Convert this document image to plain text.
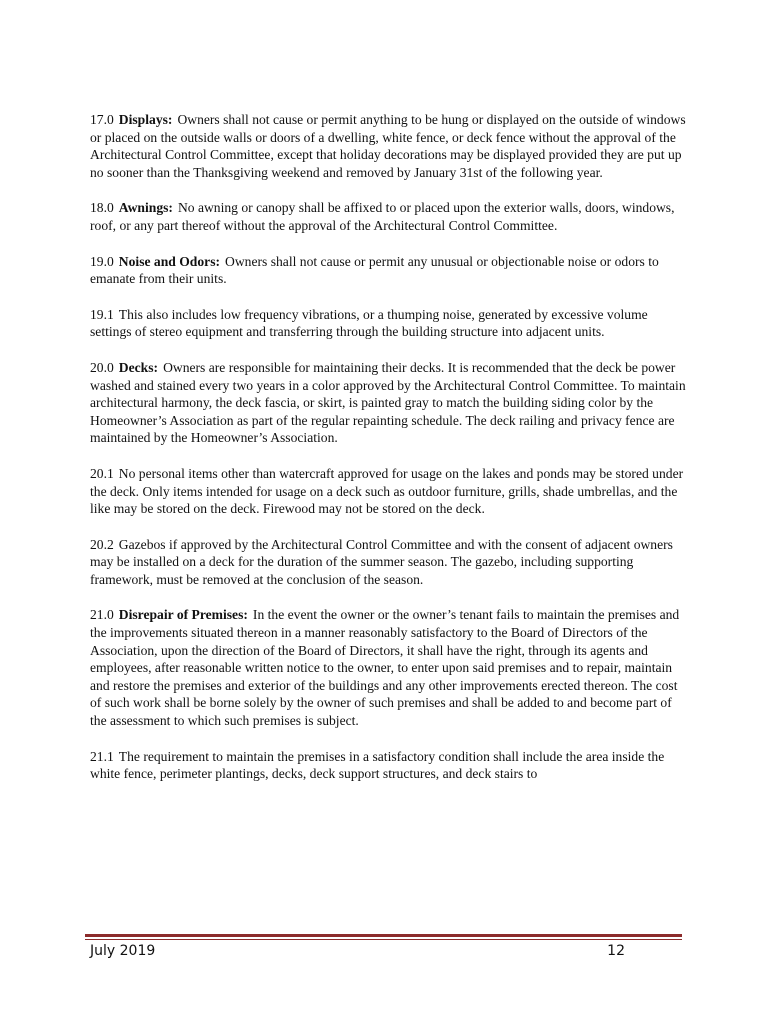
17.0 Displays: Owners shall not cause or permit anything to be hung or displayed on the outside of windows or placed on the outside walls or doors of a dwelling, white fence, or deck fence without the approval of the Architectural Control Committee, except that holiday decorations may be displayed provided they are put up no sooner than the Thanksgiving weekend and removed by January 31st of the following year.

18.0 Awnings: No awning or canopy shall be affixed to or placed upon the exterior walls, doors, windows, roof, or any part thereof without the approval of the Architectural Control Committee.

19.0 Noise and Odors: Owners shall not cause or permit any unusual or objectionable noise or odors to emanate from their units.

19.1 This also includes low frequency vibrations, or a thumping noise, generated by excessive volume settings of stereo equipment and transferring through the building structure into adjacent units.

20.0 Decks: Owners are responsible for maintaining their decks. It is recommended that the deck be power washed and stained every two years in a color approved by the Architectural Control Committee. To maintain architectural harmony, the deck fascia, or skirt, is painted gray to match the building siding color by the Homeowner’s Association as part of the regular repainting schedule. The deck railing and privacy fence are maintained by the Homeowner’s Association.

20.1 No personal items other than watercraft approved for usage on the lakes and ponds may be stored under the deck. Only items intended for usage on a deck such as outdoor furniture, grills, shade umbrellas, and the like may be stored on the deck. Firewood may not be stored on the deck.

20.2 Gazebos if approved by the Architectural Control Committee and with the consent of adjacent owners may be installed on a deck for the duration of the summer season. The gazebo, including supporting framework, must be removed at the conclusion of the season.

21.0 Disrepair of Premises: In the event the owner or the owner’s tenant fails to maintain the premises and the improvements situated thereon in a manner reasonably satisfactory to the Board of Directors of the Association, upon the direction of the Board of Directors, it shall have the right, through its agents and employees, after reasonable written notice to the owner, to enter upon said premises and to repair, maintain and restore the premises and exterior of the buildings and any other improvements erected thereon. The cost of such work shall be borne solely by the owner of such premises and shall be added to and become part of the assessment to which such premises is subject.

21.1 The requirement to maintain the premises in a satisfactory condition shall include the area inside the white fence, perimeter plantings, decks, deck support structures, and deck stairs to

July 2019	12
